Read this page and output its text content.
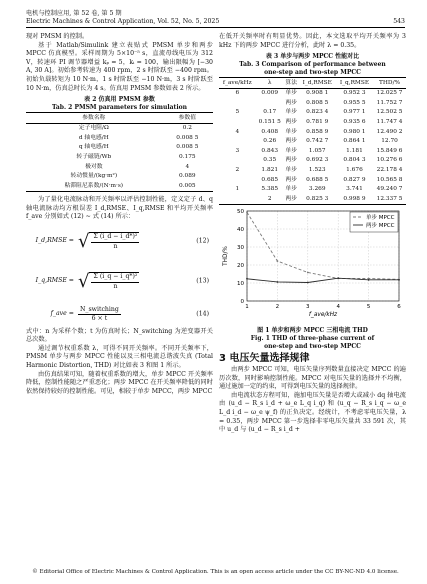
电机与控制应用, 第 52 卷, 第 5 期
Electric Machines & Control Application, Vol. 52, No. 5, 2025	543

现对 PMSM 的控制。

基于 Matlab/Simulink 建立表贴式 PMSM 单步和两步 MPCC 仿真模型。采样周期为 5×10⁻⁵ s，直流母线电压为 312 V，转速环 PI 调节器增益 kₚ = 5，kᵢ = 100，输出限幅为 [−30 A, 30 A]。初始参考转速为 400 rpm，2 s 时阶跃至 −400 rpm。初始负载转矩为 10 N·m，1 s 时阶跃至 −10 N·m，3 s 时阶跃至 10 N·m，仿真总时长为 4 s。仿真用 PMSM 参数如表 2 所示。

表 2 仿真用 PMSM 参数

Tab. 2 PMSM parameters for simulation

参数名称	参数值
定子电阻/Ω	0.2
d 轴电感/H	0.008 5
q 轴电感/H	0.008 5
转子磁链/Wb	0.175
极对数	4
转动惯量/(kg·m²)	0.089
粘滞阻尼系数/(N·m·s)	0.005

为了量化电流脉动和开关频率以评估控制性能，定义定子 d、q 轴电流脉动均方根误差 I_d,RMSE、I_q,RMSE 和平均开关频率 f_ave 分别如式 (12) ~ 式 (14) 所示：

I_d,RMSE = √ $\frac{\text{Σ (i\_d − i\_d*)²}}{n}$	(12)
I_q,RMSE = √ $\frac{\text{Σ (i\_q − i\_q*)²}}{n}$	(13)
f_ave = $\frac{\text{N\_switching}}{6 \times t}$	(14)

式中：n 为采样个数；t 为仿真时长；N_switching 为逆变器开关总次数。

通过调节权重系数 λ，可得不同开关频率。不同开关频率下，PMSM 单步与两步 MPCC 性能以及三相电流总谐波失真 (Total Harmonic Distortion, THD) 对比如表 3 和图 1 所示。

由仿真结果可知，随着权重系数的增大，单步 MPCC 开关频率降低，控制性能随之严重恶化；两步 MPCC 在开关频率降低的同时依然保持较好的控制性能。可见，相较于单步 MPCC，两步 MPCC

在低开关频率时有明显优势。因此，本文选取平均开关频率为 3 kHz 下的两步 MPCC 进行分析，此时 λ = 0.35。

表 3 单步与两步 MPCC 性能对比

Tab. 3 Comparison of performance between

one-step and two-step MPCC

f_ave/kHz	λ	算法	I_d,RMSE	I_q,RMSE	THD/%
6	0.009	单步	0.908 1	0.952 3	12.025 7
		两步	0.808 5	0.955 5	11.752 7
5	0.17	单步	0.823 4	0.977 1	12.502 5
	0.151 5	两步	0.781 9	0.935 6	11.747 4
4	0.408	单步	0.858 9	0.980 1	12.490 2
	0.26	两步	0.742 7	0.864 1	12.70
3	0.843	单步	1.057	1.181	15.849 6
	0.35	两步	0.692 3	0.804 3	10.276 6
2	1.821	单步	1.523	1.676	22.178 4
	0.685	两步	0.688 5	0.827 9	10.565 8
1	5.385	单步	3.269	3.741	49.240 7
	2	两步	0.825 3	0.998 9	12.337 5
0
10
20
30
40
50
1	2	3	4	5	6
f_ave/kHz
THD/%
单步 MPCC
两步 MPCC

图 1 单步和两步 MPCC 三相电流 THD

Fig. 1 THD of three-phase current of

one-step and two-step MPCC

3 电压矢量选择规律

由两步 MPCC 可知，电压矢量序列数量直接决定 MPCC 的遍历次数，同时影响控制性能。MPCC 对电压矢量的选择并不均衡，通过施加一定的约束，可得到电压矢量的选择规律。

由电流状态方程可知，施加电压矢量是否增大或减小 dq 轴电流由 (u_d − R_s i_d + ω_e L_q i_q) 和 (u_q − R_s i_q − ω_e L_d i_d − ω_e ψ_f) 的正负决定。经统计，不考虑零电压矢量，λ = 0.35，两步 MPCC 第一步选择非零电压矢量共 33 591 次，其中 u_d 与 (u_d − R_s i_d +

© Editorial Office of Electric Machines & Control Application. This is an open access article under the CC BY-NC-ND 4.0 license.
